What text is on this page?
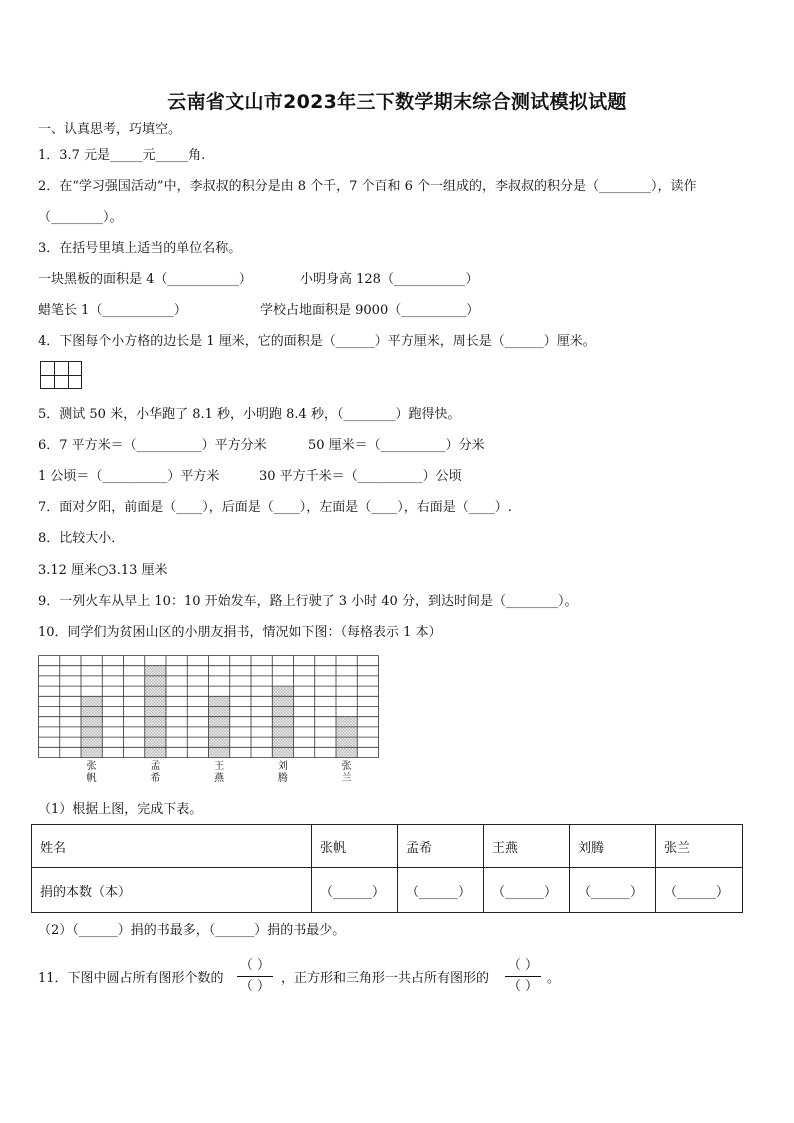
云南省文山市2023年三下数学期末综合测试模拟试题
一、认真思考，巧填空。
1．3.7 元是_____元_____角.
2．在“学习强国活动”中，李叔叔的积分是由 8 个千，7 个百和 6 个一组成的，李叔叔的积分是（________），读作
（________）。
3．在括号里填上适当的单位名称。
一块黑板的面积是 4（___________）	小明身高 128（___________）
蜡笔长 1（___________）	学校占地面积是 9000（__________）
4．下图每个小方格的边长是 1 厘米，它的面积是（______）平方厘米，周长是（______）厘米。
5．测试 50 米，小华跑了 8.1 秒，小明跑 8.4 秒，（________）跑得快。
6．7 平方米＝（__________）平方分米	50 厘米＝（__________）分米
1 公顷＝（__________）平方米	30 平方千米＝（__________）公顷
7．面对夕阳，前面是（____），后面是（____），左面是（____），右面是（____）.
8．比较大小．
3.12 厘米○3.13 厘米
9．一列火车从早上 10：10 开始发车，路上行驶了 3 小时 40 分，到达时间是（________）。
10．同学们为贫困山区的小朋友捐书，情况如下图：（每格表示 1 本）
张
帆
孟
希
王
燕
刘
腾
张
兰
（1）根据上图，完成下表。
姓名	张帆	孟希	王燕	刘腾	张兰
捐的本数（本）	（______）	（______）	（______）	（______）	（______）
（2）（______）捐的书最多，（______）捐的书最少。
11．下图中圆占所有图形个数的
（ ）
（ ）
，正方形和三角形一共占所有图形的
（ ）
（ ）
。
